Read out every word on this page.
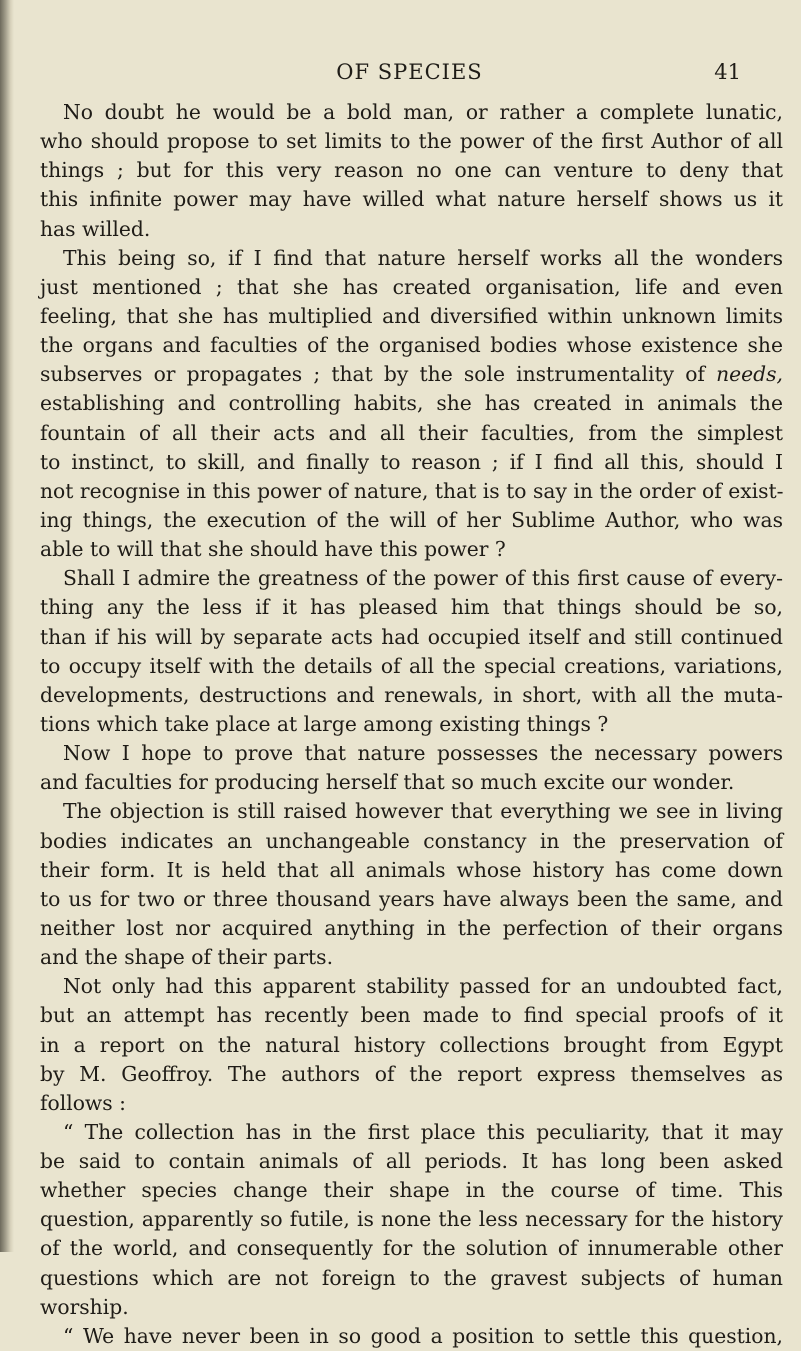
OF SPECIES	41
No doubt he would be a bold man, or rather a complete lunatic,
who should propose to set limits to the power of the first Author of all
things ; but for this very reason no one can venture to deny that
this infinite power may have willed what nature herself shows us it
has willed.
This being so, if I find that nature herself works all the wonders
just mentioned ; that she has created organisation, life and even
feeling, that she has multiplied and diversified within unknown limits
the organs and faculties of the organised bodies whose existence she
subserves or propagates ; that by the sole instrumentality of needs,
establishing and controlling habits, she has created in animals the
fountain of all their acts and all their faculties, from the simplest
to instinct, to skill, and finally to reason ; if I find all this, should I
not recognise in this power of nature, that is to say in the order of exist-
ing things, the execution of the will of her Sublime Author, who was
able to will that she should have this power ?
Shall I admire the greatness of the power of this first cause of every-
thing any the less if it has pleased him that things should be so,
than if his will by separate acts had occupied itself and still continued
to occupy itself with the details of all the special creations, variations,
developments, destructions and renewals, in short, with all the muta-
tions which take place at large among existing things ?
Now I hope to prove that nature possesses the necessary powers
and faculties for producing herself that so much excite our wonder.
The objection is still raised however that everything we see in living
bodies indicates an unchangeable constancy in the preservation of
their form. It is held that all animals whose history has come down
to us for two or three thousand years have always been the same, and
neither lost nor acquired anything in the perfection of their organs
and the shape of their parts.
Not only had this apparent stability passed for an undoubted fact,
but an attempt has recently been made to find special proofs of it
in a report on the natural history collections brought from Egypt
by M. Geoffroy. The authors of the report express themselves as
follows :
“ The collection has in the first place this peculiarity, that it may
be said to contain animals of all periods. It has long been asked
whether species change their shape in the course of time. This
question, apparently so futile, is none the less necessary for the history
of the world, and consequently for the solution of innumerable other
questions which are not foreign to the gravest subjects of human
worship.
“ We have never been in so good a position to settle this question,
